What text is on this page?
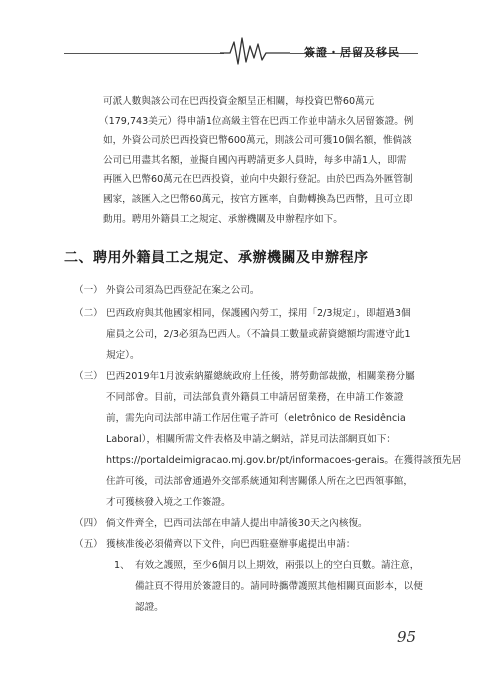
簽證・居留及移民
可派人數與該公司在巴西投資金額呈正相關，每投資巴幣60萬元
（179,743美元）得申請1位高級主管在巴西工作並申請永久居留簽證。例
如，外資公司於巴西投資巴幣600萬元，則該公司可獲10個名額，惟倘該
公司已用盡其名額，並擬自國內再聘請更多人員時，每多申請1人，即需
再匯入巴幣60萬元在巴西投資，並向中央銀行登記。由於巴西為外匯管制
國家，該匯入之巴幣60萬元，按官方匯率，自動轉換為巴西幣，且可立即
動用。聘用外籍員工之規定、承辦機關及申辦程序如下。
二、聘用外籍員工之規定、承辦機關及申辦程序
（一） 外資公司須為巴西登記在案之公司。
（二） 巴西政府與其他國家相同，保護國內勞工，採用「2/3規定」，即超過3個
雇員之公司，2/3必須為巴西人。（不論員工數量或薪資總額均需遵守此1
規定）。
（三） 巴西2019年1月波索納羅總統政府上任後，將勞動部裁撤，相關業務分屬
不同部會。目前，司法部負責外籍員工申請居留業務，在申請工作簽證
前，需先向司法部申請工作居住電子許可（eletrônico de Residência
Laboral），相關所需文件表格及申請之網站，詳見司法部網頁如下：
https://portaldeimigracao.mj.gov.br/pt/informacoes-gerais。在獲得該預先居
住許可後，司法部會通過外交部系統通知利害關係人所在之巴西領事館，
才可獲核發入境之工作簽證。
（四） 倘文件齊全，巴西司法部在申請人提出申請後30天之內核復。
（五） 獲核准後必須備齊以下文件，向巴西駐臺辦事處提出申請：
1、 有效之護照，至少6個月以上期效，兩張以上的空白頁數。請注意，
備註頁不得用於簽證目的。請同時攜帶護照其他相關頁面影本，以便
認證。
95
